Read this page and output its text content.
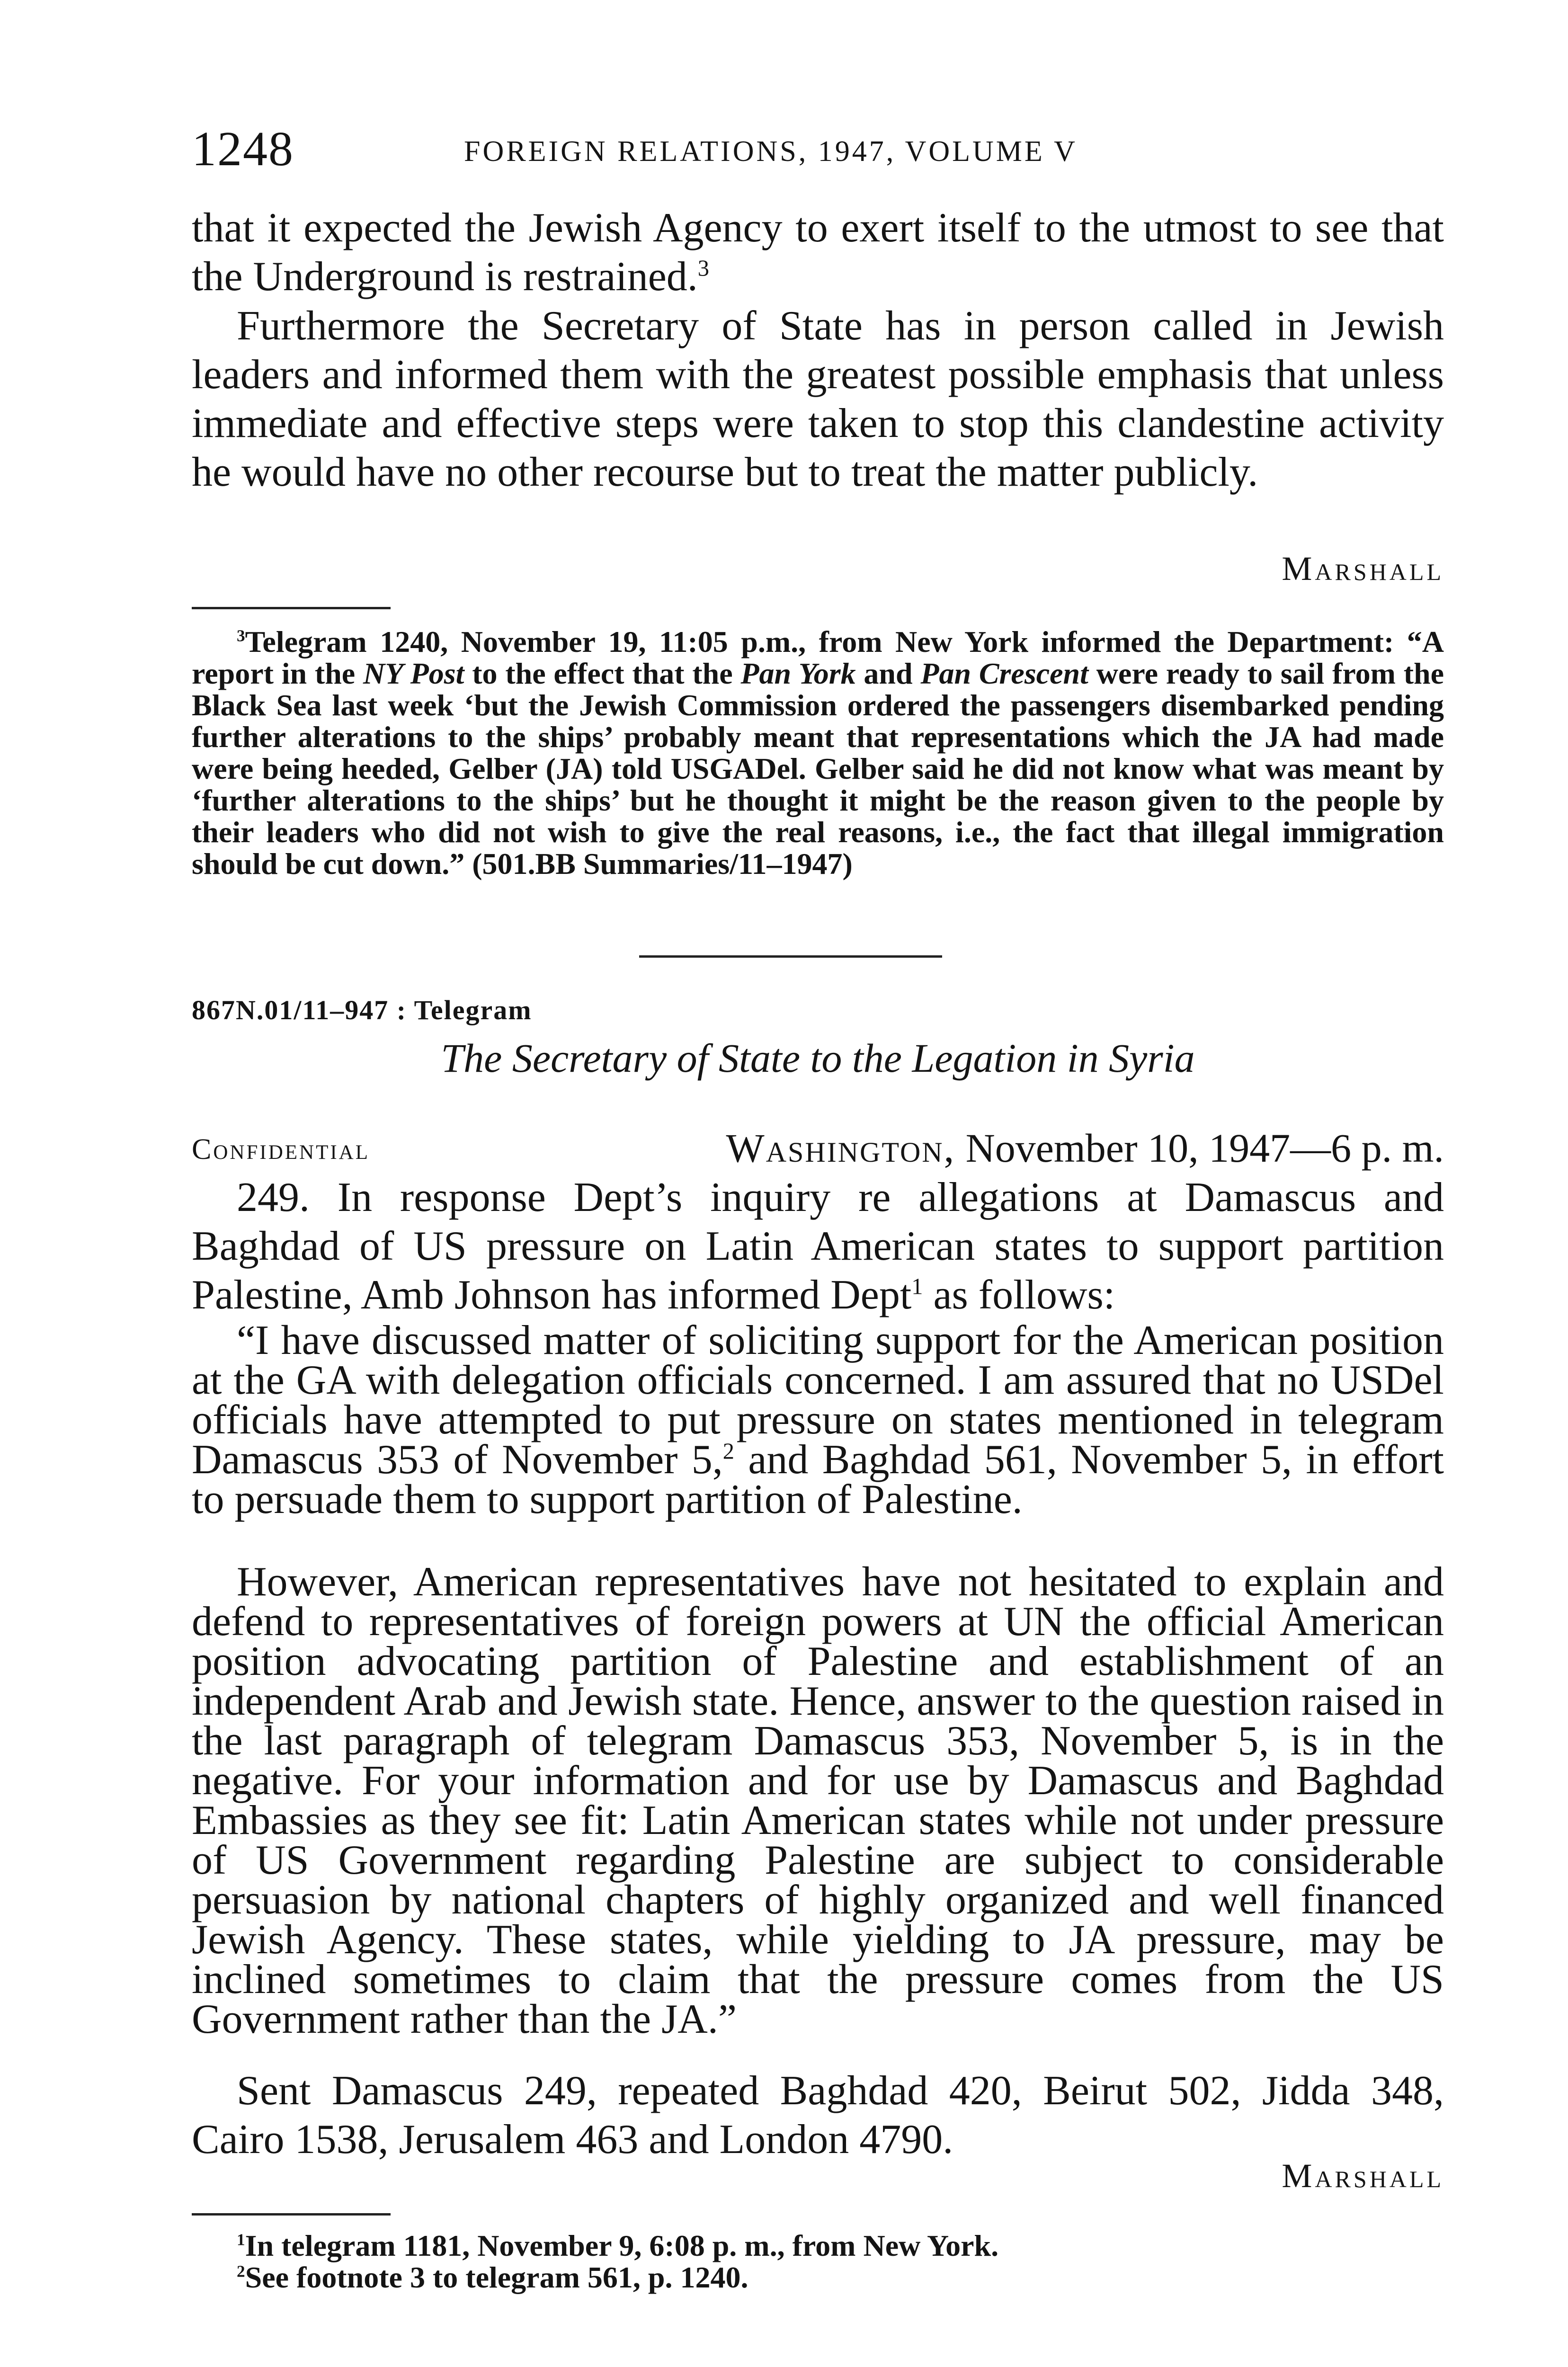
1248	FOREIGN RELATIONS, 1947, VOLUME V

that it expected the Jewish Agency to exert itself to the utmost to see that the Underground is restrained.$^3$

Furthermore the Secretary of State has in person called in Jewish leaders and informed them with the greatest possible emphasis that unless immediate and effective steps were taken to stop this clandestine activity he would have no other recourse but to treat the matter publicly.

Marshall

$^3$Telegram 1240, November 19, 11:05 p.m., from New York informed the Department: “A report in the NY Post to the effect that the Pan York and Pan Crescent were ready to sail from the Black Sea last week ‘but the Jewish Commission ordered the passengers disembarked pending further alterations to the ships’ probably meant that representations which the JA had made were being heeded, Gelber (JA) told USGADel. Gelber said he did not know what was meant by ‘further alterations to the ships’ but he thought it might be the reason given to the people by their leaders who did not wish to give the real reasons, i.e., the fact that illegal immigration should be cut down.” (501.BB Summaries/11–1947)

867N.01/11–947 : Telegram
The Secretary of State to the Legation in Syria
Confidential	Washington, November 10, 1947—6 p. m.

249. In response Dept’s inquiry re allegations at Damascus and Baghdad of US pressure on Latin American states to support partition Palestine, Amb Johnson has informed Dept$^1$ as follows:

“I have discussed matter of soliciting support for the American position at the GA with delegation officials concerned. I am assured that no USDel officials have attempted to put pressure on states mentioned in telegram Damascus 353 of November 5,$^2$ and Baghdad 561, November 5, in effort to persuade them to support partition of Palestine.

However, American representatives have not hesitated to explain and defend to representatives of foreign powers at UN the official American position advocating partition of Palestine and establishment of an independent Arab and Jewish state. Hence, answer to the question raised in the last paragraph of telegram Damascus 353, November 5, is in the negative. For your information and for use by Damascus and Baghdad Embassies as they see fit: Latin American states while not under pressure of US Government regarding Palestine are subject to considerable persuasion by national chapters of highly organized and well financed Jewish Agency. These states, while yielding to JA pressure, may be inclined sometimes to claim that the pressure comes from the US Government rather than the JA.”

Sent Damascus 249, repeated Baghdad 420, Beirut 502, Jidda 348, Cairo 1538, Jerusalem 463 and London 4790.

Marshall

$^1$In telegram 1181, November 9, 6:08 p. m., from New York.

$^2$See footnote 3 to telegram 561, p. 1240.
